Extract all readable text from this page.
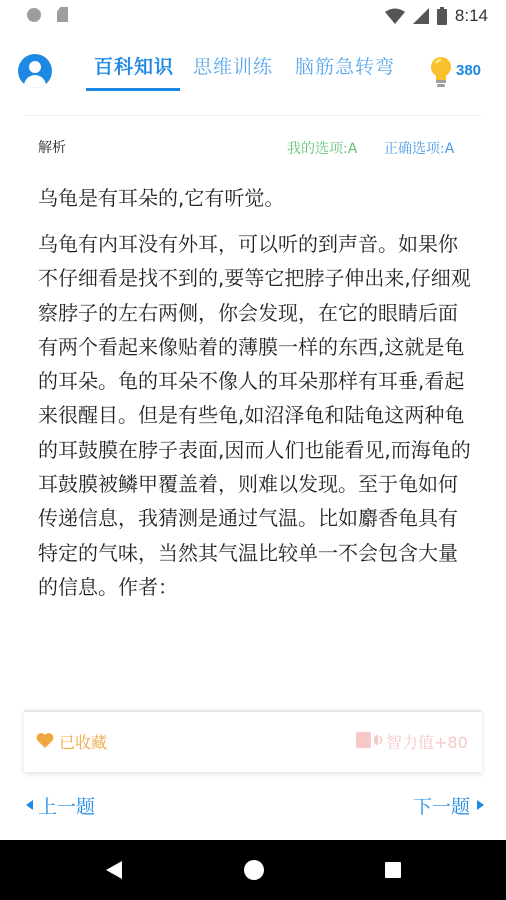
8:14
百科知识 思维训练 脑筋急转弯	380
解析	我的选项:A 正确选项:A
乌龟是有耳朵的,它有听觉。
乌龟有内耳没有外耳，可以听的到声音。如果你不仔细看是找不到的,要等它把脖子伸出来,仔细观察脖子的左右两侧，你会发现，在它的眼睛后面有两个看起来像贴着的薄膜一样的东西,这就是龟的耳朵。龟的耳朵不像人的耳朵那样有耳垂,看起来很醒目。但是有些龟,如沼泽龟和陆龟这两种龟的耳鼓膜在脖子表面,因而人们也能看见,而海龟的耳鼓膜被鳞甲覆盖着，则难以发现。至于龟如何传递信息，我猜测是通过气温。比如麝香龟具有特定的气味，当然其气温比较单一不会包含大量的信息。作者：
已收藏	智力值+80
上一题	下一题
